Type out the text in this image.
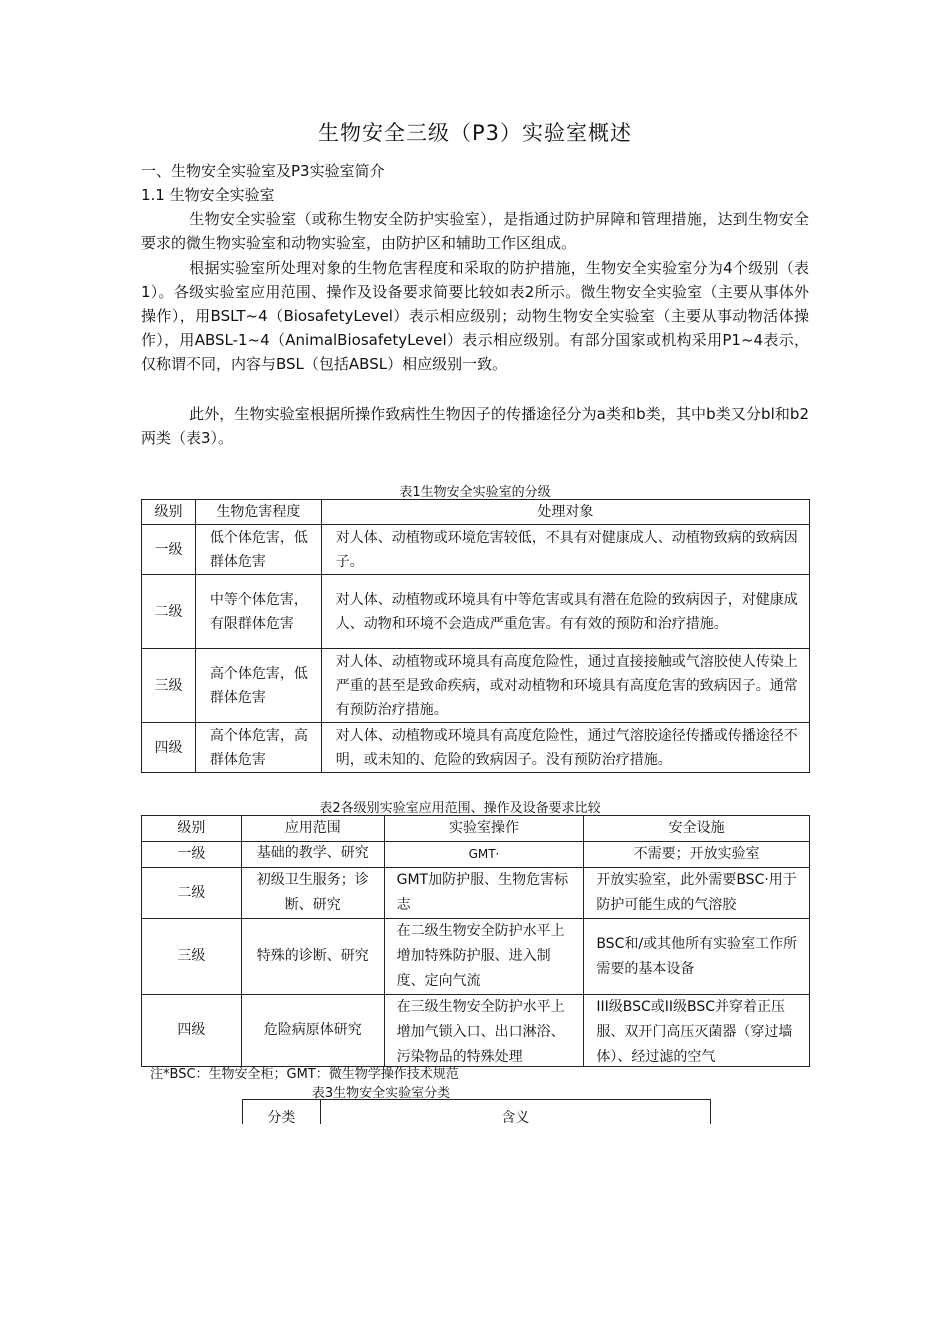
生物安全三级（P3）实验室概述
一、生物安全实验室及P3实验室简介
1.1 生物安全实验室
生物安全实验室（或称生物安全防护实验室），是指通过防护屏障和管理措施，达到生物安全要求的微生物实验室和动物实验室，由防护区和辅助工作区组成。
根据实验室所处理对象的生物危害程度和采取的防护措施，生物安全实验室分为4个级别（表1）。各级实验室应用范围、操作及设备要求简要比较如表2所示。微生物安全实验室（主要从事体外操作），用BSLT~4（BiosafetyLevel）表示相应级别；动物生物安全实验室（主要从事动物活体操作），用ABSL-1~4（AnimalBiosafetyLevel）表示相应级别。有部分国家或机构采用P1~4表示，仅称谓不同，内容与BSL（包括ABSL）相应级别一致。
此外，生物实验室根据所操作致病性生物因子的传播途径分为a类和b类，其中b类又分bl和b2两类（表3）。
表1生物安全实验室的分级
级别	生物危害程度	处理对象
一级	低个体危害，低群体危害	对人体、动植物或环境危害较低，不具有对健康成人、动植物致病的致病因子。
二级	中等个体危害，有限群体危害	对人体、动植物或环境具有中等危害或具有潜在危险的致病因子，对健康成人、动物和环境不会造成严重危害。有有效的预防和治疗措施。
三级	高个体危害，低群体危害	对人体、动植物或环境具有高度危险性，通过直接接触或气溶胶使人传染上严重的甚至是致命疾病，或对动植物和环境具有高度危害的致病因子。通常有预防治疗措施。
四级	高个体危害，高群体危害	对人体、动植物或环境具有高度危险性，通过气溶胶途径传播或传播途径不明，或未知的、危险的致病因子。没有预防治疗措施。
表2各级别实验室应用范围、操作及设备要求比较
级别	应用范围	实验室操作	安全设施
一级	基础的教学、研究	GMT·	不需要；开放实验室
二级	初级卫生服务；诊断、研究	GMT加防护服、生物危害标志	开放实验室，此外需要BSC·用于防护可能生成的气溶胶
三级	特殊的诊断、研究	在二级生物安全防护水平上增加特殊防护服、进入制度、定向气流	BSC和/或其他所有实验室工作所需要的基本设备
四级	危险病原体研究	在三级生物安全防护水平上增加气锁入口、出口淋浴、污染物品的特殊处理	III级BSC或II级BSC并穿着正压服、双开门高压灭菌器（穿过墙体）、经过滤的空气
注*BSC：生物安全柜；GMT：微生物学操作技术规范
表3生物安全实验室分类
分类	含义
